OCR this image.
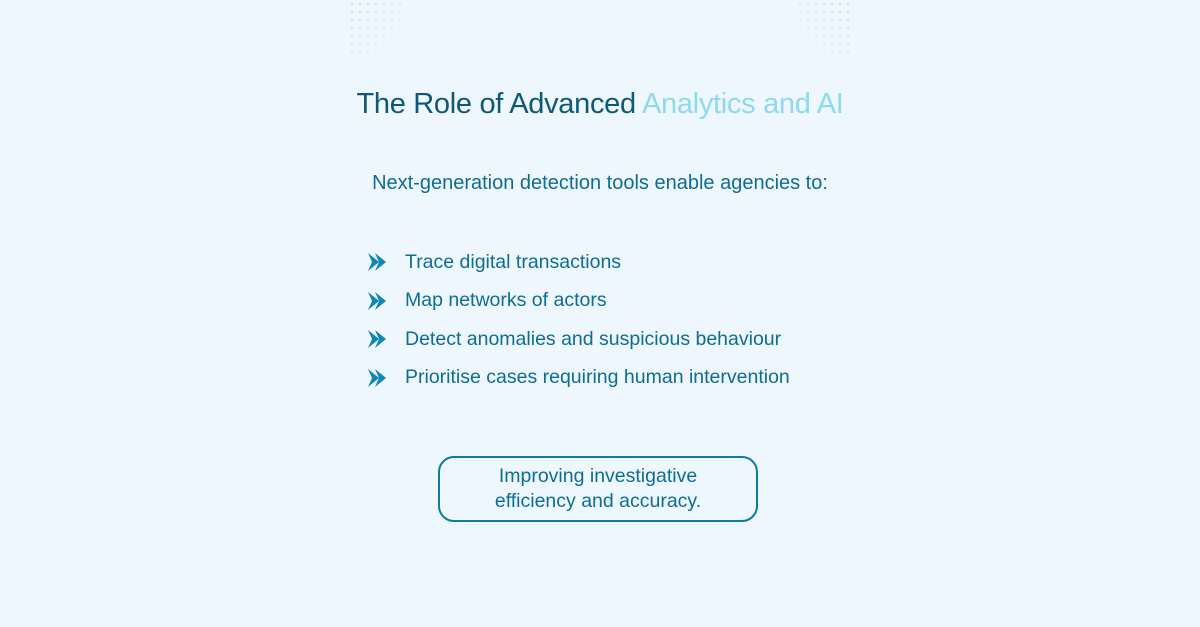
The Role of Advanced Analytics and AI
Next-generation detection tools enable agencies to:
Trace digital transactions
Map networks of actors
Detect anomalies and suspicious behaviour
Prioritise cases requiring human intervention
Improving investigative efficiency and accuracy.
